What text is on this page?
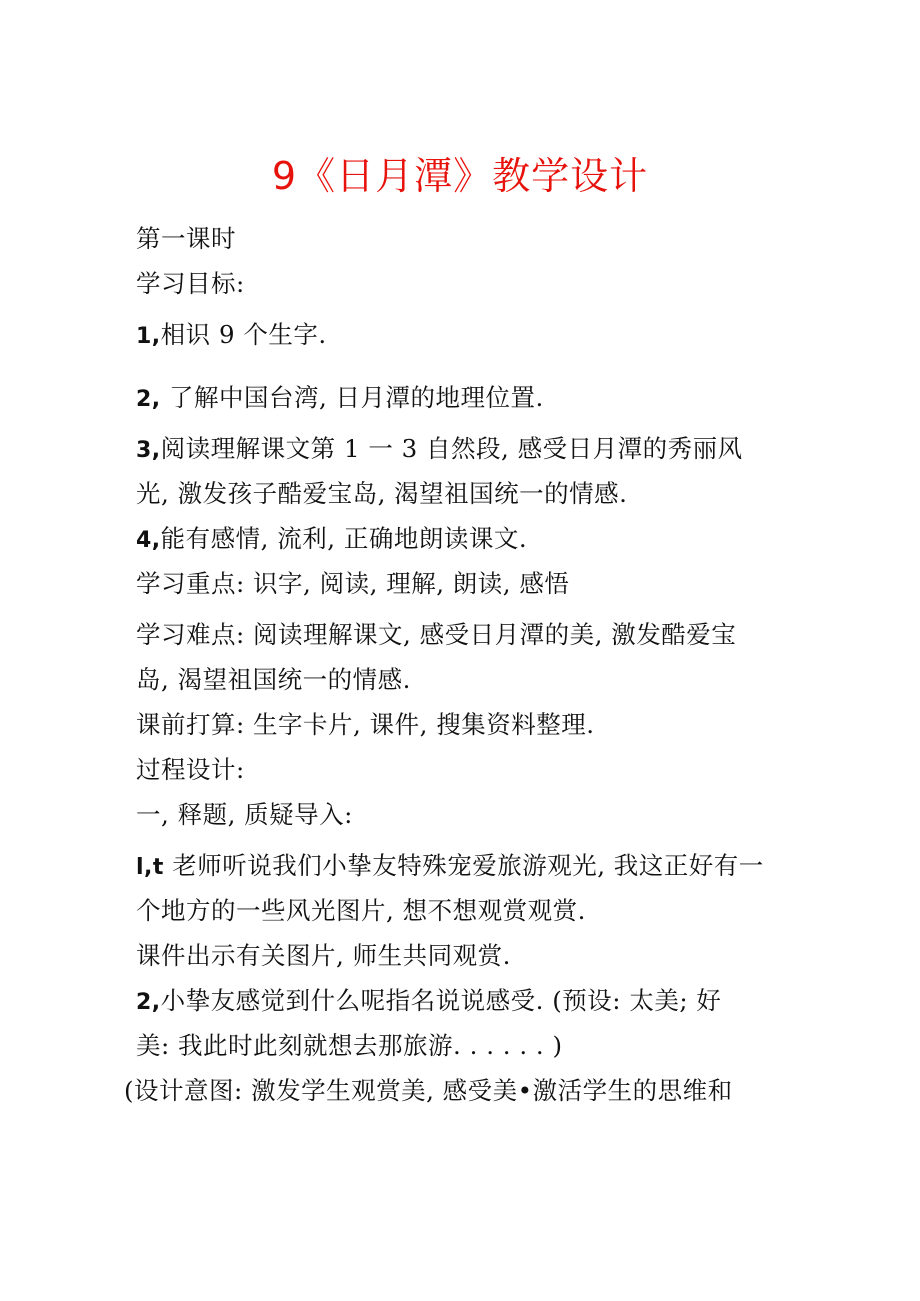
9《日月潭》教学设计
第一课时
学习目标:
1,相识 9 个生字.
2, 了解中国台湾, 日月潭的地理位置.
3,阅读理解课文第 1 一 3 自然段, 感受日月潭的秀丽风
光, 激发孩子酷爱宝岛, 渴望祖国统一的情感.
4,能有感情, 流利, 正确地朗读课文.
学习重点: 识字, 阅读, 理解, 朗读, 感悟
学习难点: 阅读理解课文, 感受日月潭的美, 激发酷爱宝
岛, 渴望祖国统一的情感.
课前打算: 生字卡片, 课件, 搜集资料整理.
过程设计:
一, 释题, 质疑导入:
l,t 老师听说我们小挚友特殊宠爱旅游观光, 我这正好有一
个地方的一些风光图片, 想不想观赏观赏.
课件出示有关图片, 师生共同观赏.
2,小挚友感觉到什么呢指名说说感受. (预设: 太美; 好
美: 我此时此刻就想去那旅游. . . . . . )
(设计意图: 激发学生观赏美, 感受美•激活学生的思维和
